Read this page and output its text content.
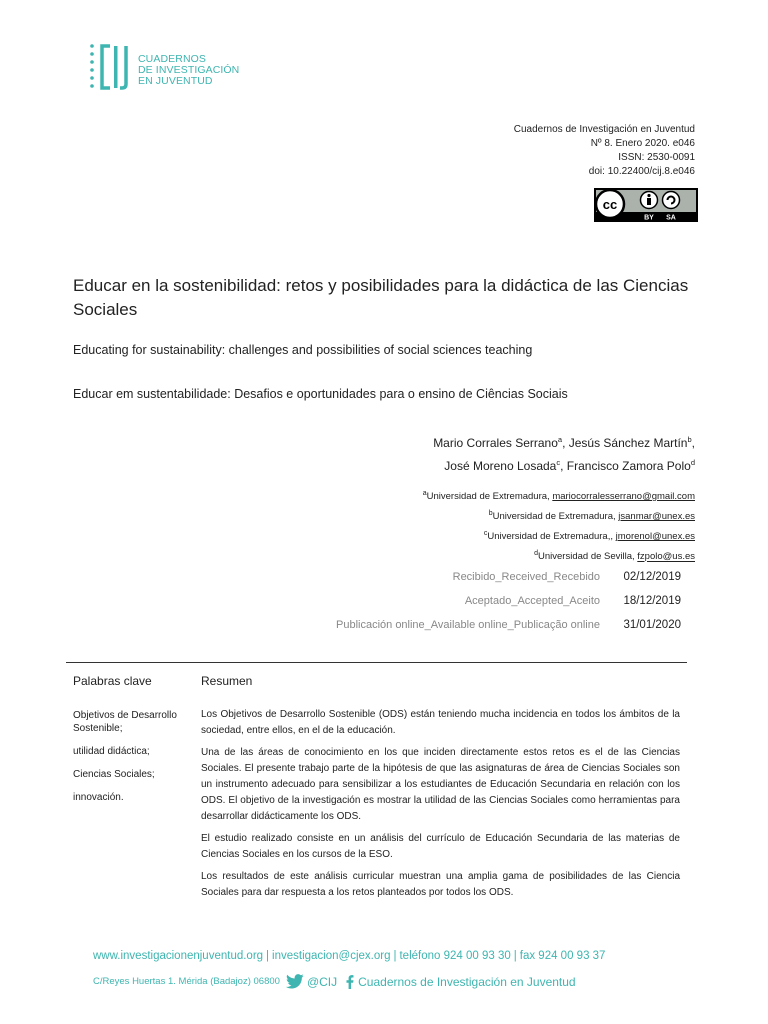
CUADERNOS
DE INVESTIGACIÓN
EN JUVENTUD
Cuadernos de Investigación en Juventud
Nº 8. Enero 2020. e046
ISSN: 2530-0091
doi: 10.22400/cij.8.e046
cc
BY SA
Educar en la sostenibilidad: retos y posibilidades para la didáctica de las Ciencias Sociales
Educating for sustainability: challenges and possibilities of social sciences teaching
Educar em sustentabilidade: Desafios e oportunidades para o ensino de Ciências Sociais
Mario Corrales Serrano$^a$, Jesús Sánchez Martín$^b$,
José Moreno Losada$^c$, Francisco Zamora Polo$^d$
$^a$Universidad de Extremadura, mariocorralesserrano@gmail.com
$^b$Universidad de Extremadura, jsanmar@unex.es
$^c$Universidad de Extremadura,, jmorenol@unex.es
$^d$Universidad de Sevilla, fzpolo@us.es
Recibido_Received_Recebido 02/12/2019
Aceptado_Accepted_Aceito 18/12/2019
Publicación online_Available online_Publicação online 31/01/2020
Palabras clave	Resumen
Objetivos de Desarrollo Sostenible;
utilidad didáctica;
Ciencias Sociales;
innovación.

Los Objetivos de Desarrollo Sostenible (ODS) están teniendo mucha incidencia en todos los ámbitos de la sociedad, entre ellos, en el de la educación.

Una de las áreas de conocimiento en los que inciden directamente estos retos es el de las Ciencias Sociales. El presente trabajo parte de la hipótesis de que las asignaturas de área de Ciencias Sociales son un instrumento adecuado para sensibilizar a los estudiantes de Educación Secundaria en relación con los ODS. El objetivo de la investigación es mostrar la utilidad de las Ciencias Sociales como herramientas para desarrollar didácticamente los ODS.

El estudio realizado consiste en un análisis del currículo de Educación Secundaria de las materias de Ciencias Sociales en los cursos de la ESO.

Los resultados de este análisis curricular muestran una amplia gama de posibilidades de las Ciencia Sociales para dar respuesta a los retos planteados por todos los ODS.

www.investigacionenjuventud.org | investigacion@cjex.org | teléfono 924 00 93 30 | fax 924 00 93 37
C/Reyes Huertas 1. Mérida (Badajoz) 06800 @CIJ Cuadernos de Investigación en Juventud
